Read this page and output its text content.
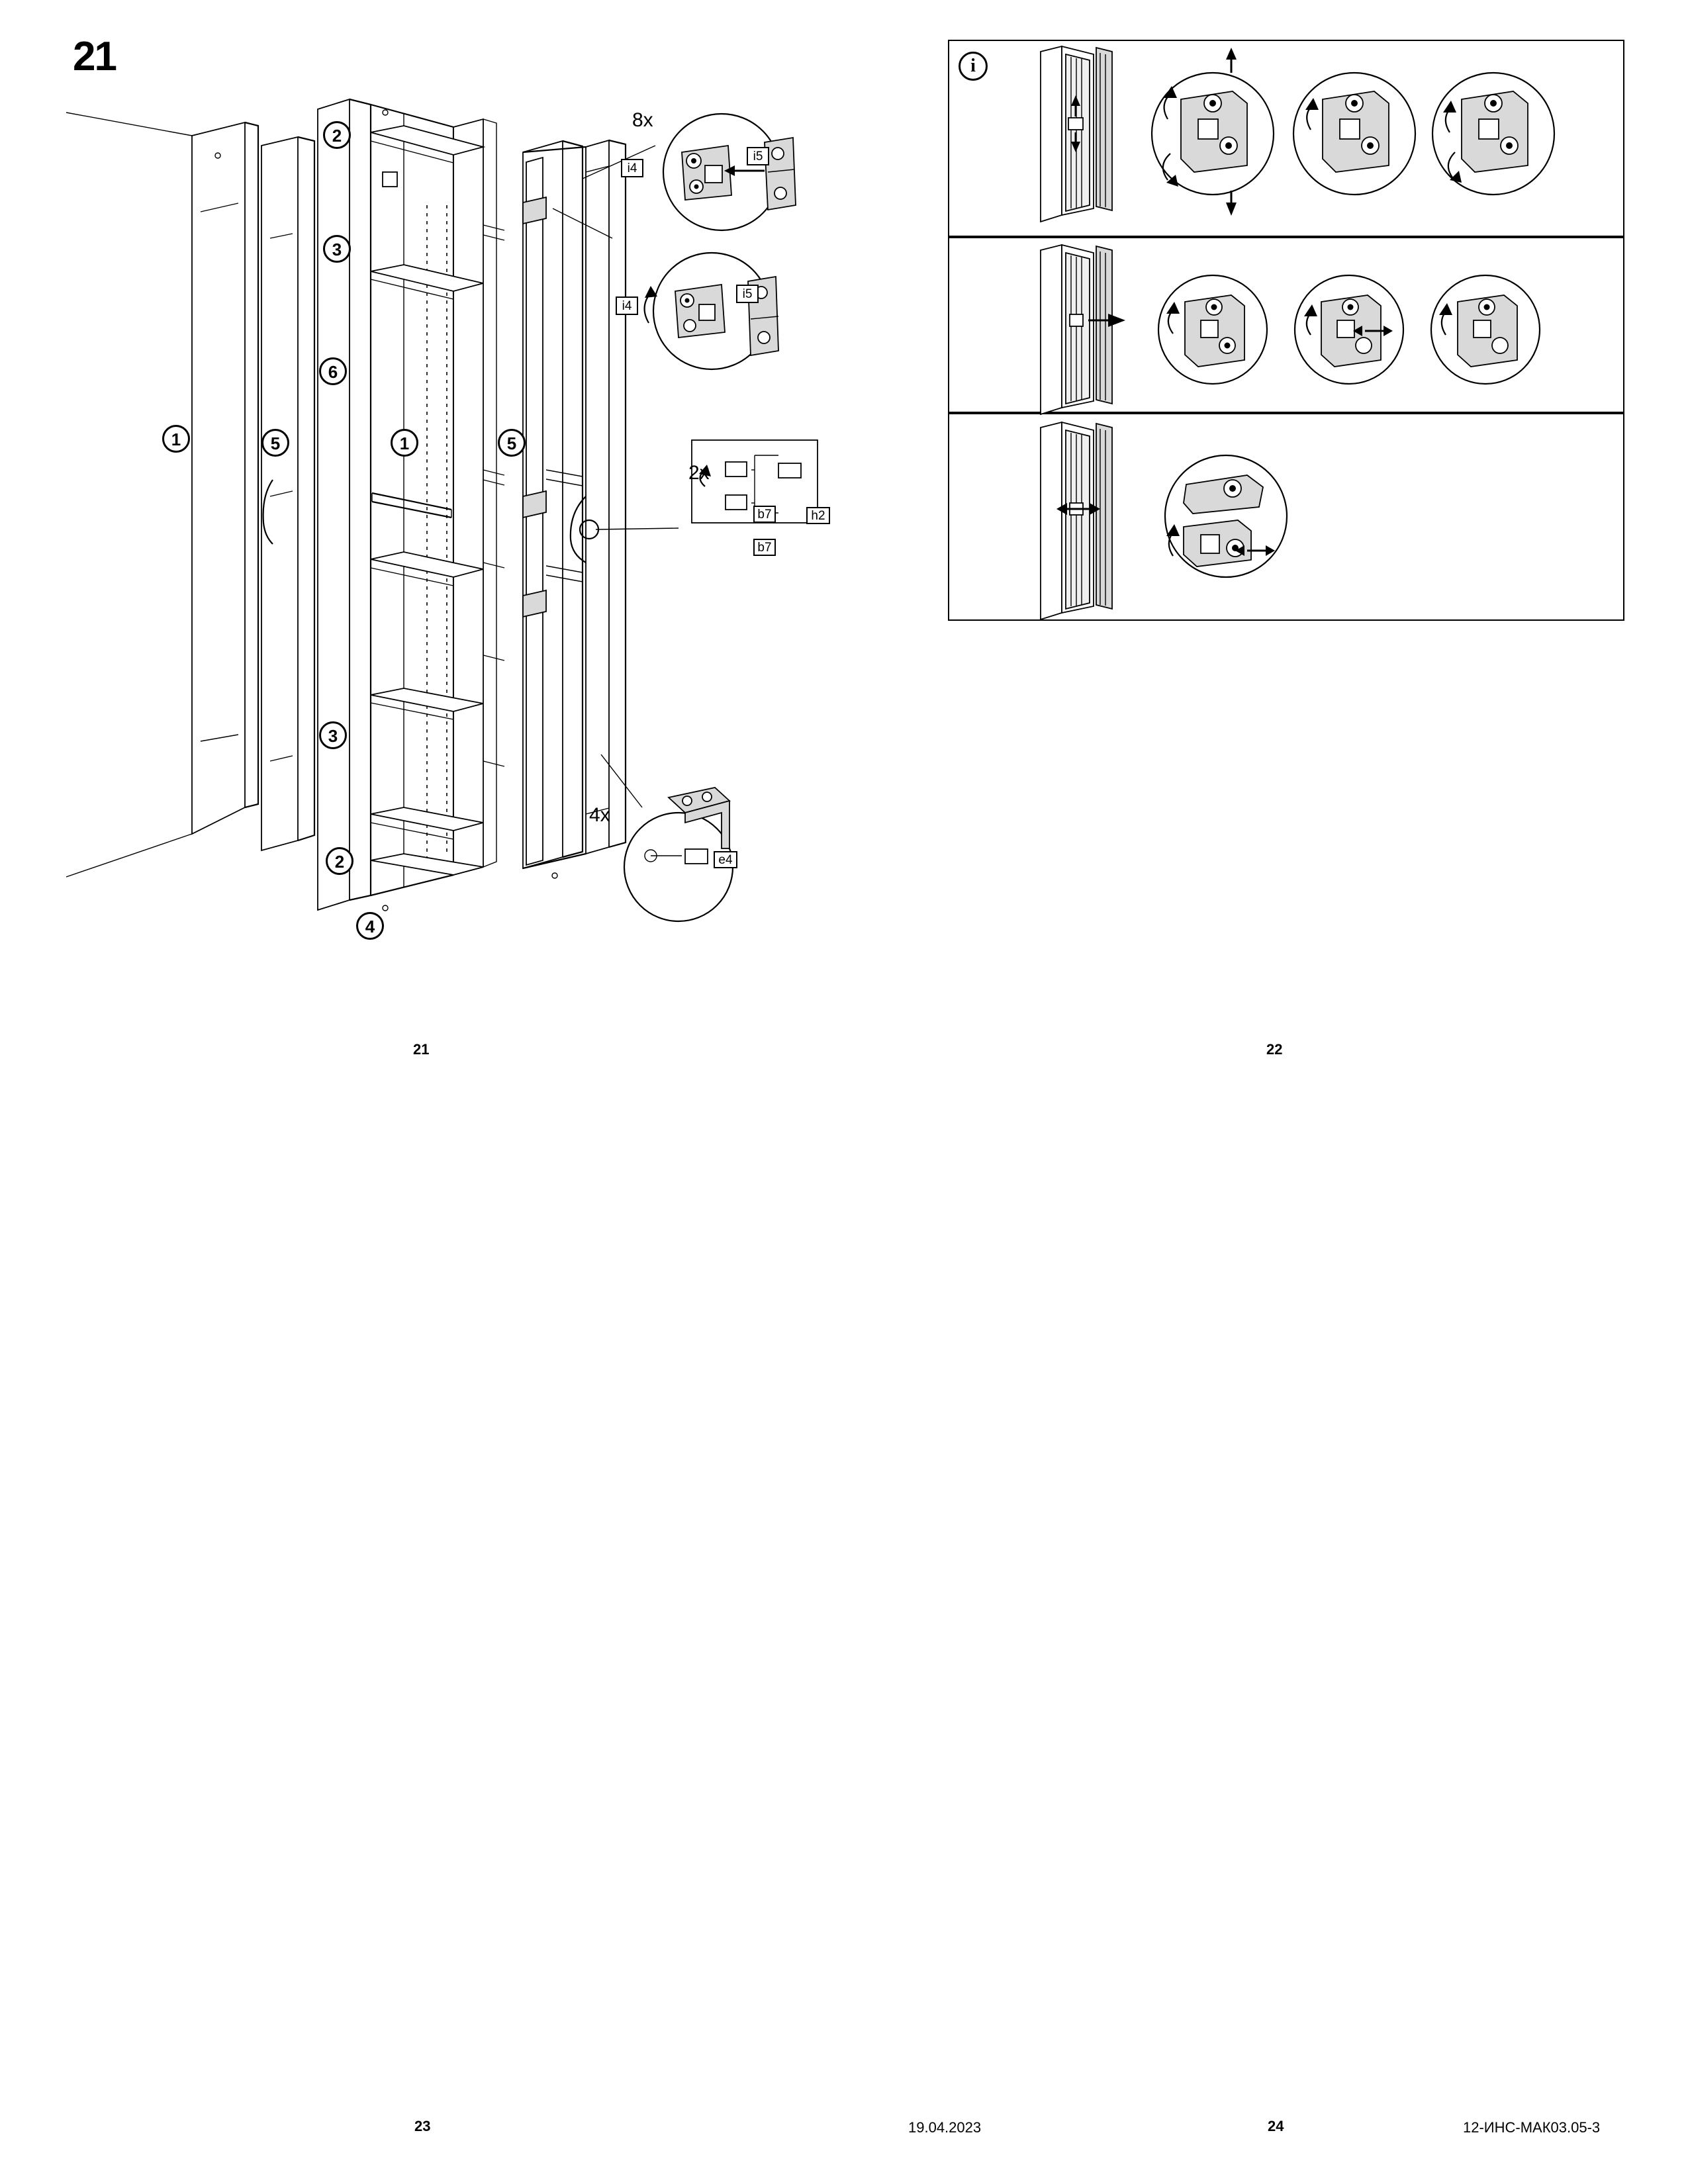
21
2
3
6
1	5	1	5
3
2
4
8x
i4
i5
i4
i5
2x
b7
b7
h2
4x
e4
i
21	22
23	19.04.2023	24	12-ИНС-МАК03.05-3
